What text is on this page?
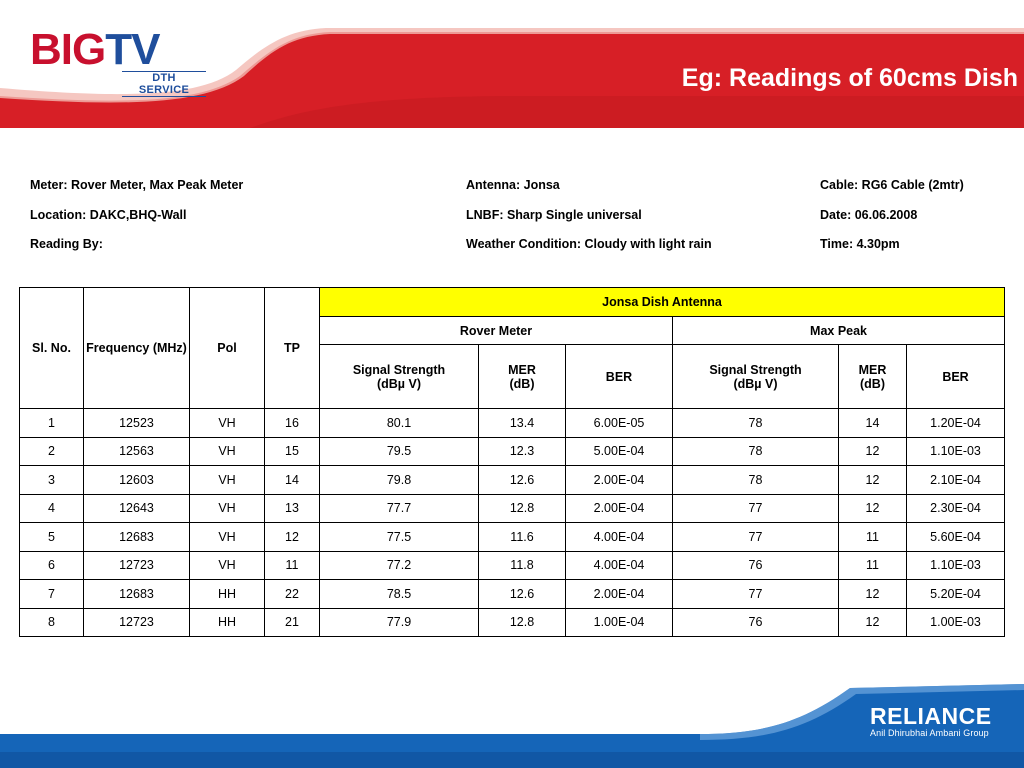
BIGTV
DTH SERVICE	Eg: Readings of 60cms Dish
Meter: Rover Meter, Max Peak Meter	Antenna: Jonsa	Cable: RG6 Cable (2mtr)
Location: DAKC,BHQ-Wall	LNBF: Sharp Single universal	Date: 06.06.2008
Reading By:	Weather Condition: Cloudy with light rain	Time: 4.30pm
Sl. No.	Frequency (MHz)	Pol	TP	Jonsa Dish Antenna					
				Rover Meter			Max Peak		
				Signal Strength (dBµ V)	MER (dB)	BER	Signal Strength (dBµ V)	MER (dB)	BER
1	12523	VH	16	80.1	13.4	6.00E-05	78	14	1.20E-04
2	12563	VH	15	79.5	12.3	5.00E-04	78	12	1.10E-03
3	12603	VH	14	79.8	12.6	2.00E-04	78	12	2.10E-04
4	12643	VH	13	77.7	12.8	2.00E-04	77	12	2.30E-04
5	12683	VH	12	77.5	11.6	4.00E-04	77	11	5.60E-04
6	12723	VH	11	77.2	11.8	4.00E-04	76	11	1.10E-03
7	12683	HH	22	78.5	12.6	2.00E-04	77	12	5.20E-04
8	12723	HH	21	77.9	12.8	1.00E-04	76	12	1.00E-03
RELIANCE
Anil Dhirubhai Ambani Group
